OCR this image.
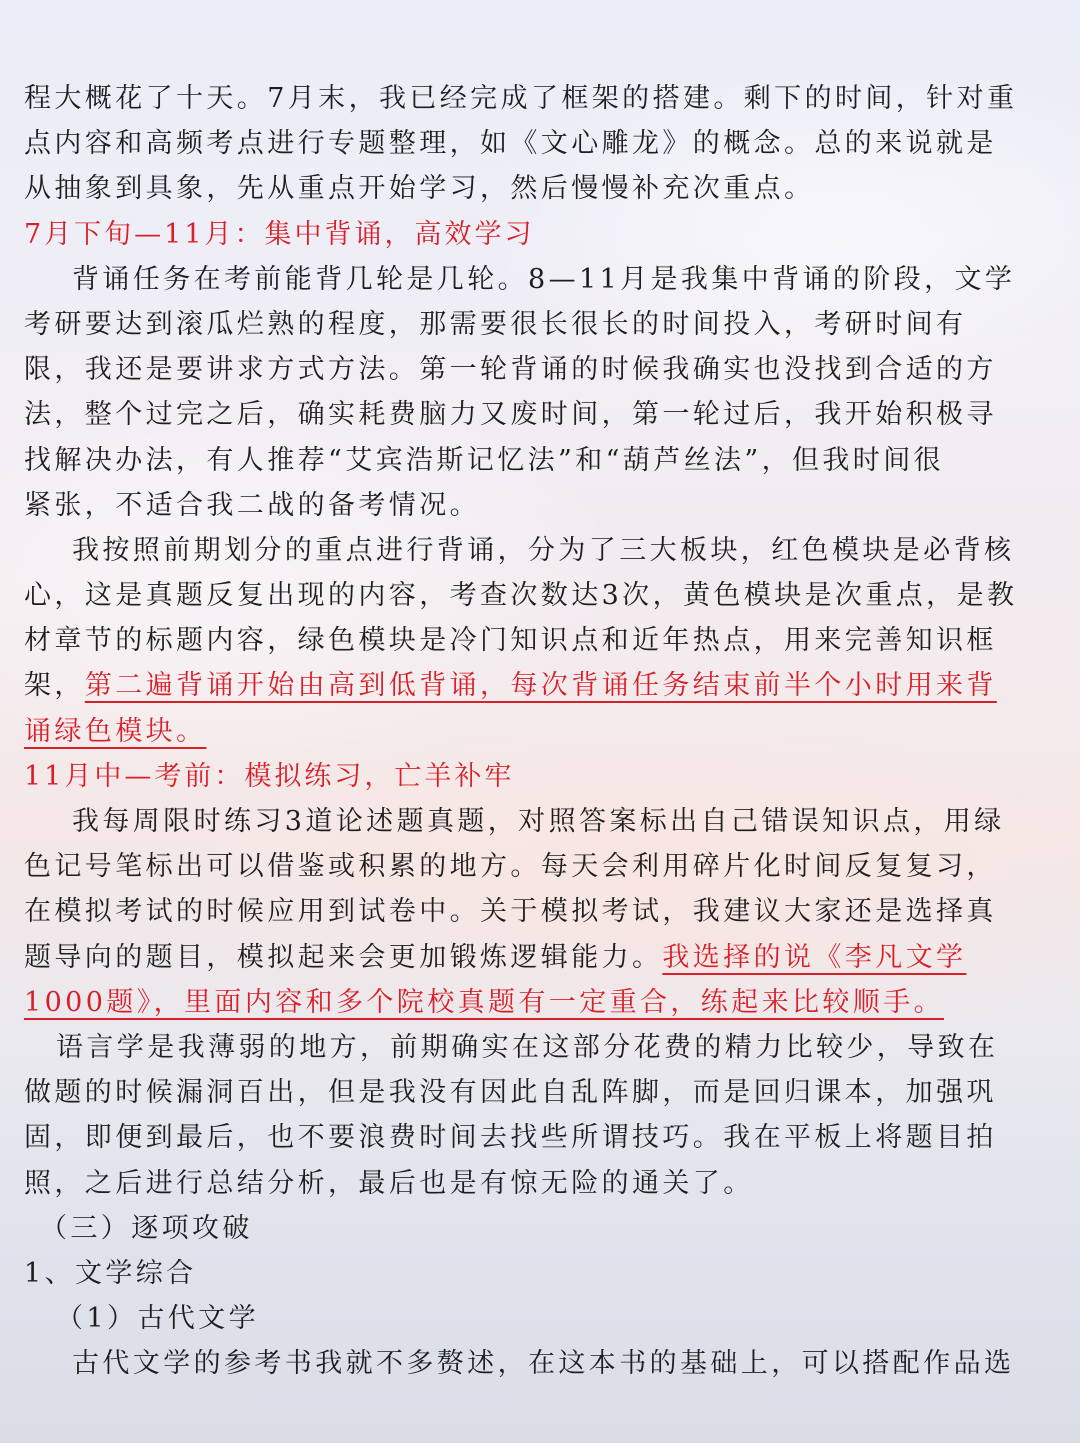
程大概花了十天。7月末，我已经完成了框架的搭建。剩下的时间，针对重
点内容和高频考点进行专题整理，如《文心雕龙》的概念。总的来说就是
从抽象到具象，先从重点开始学习，然后慢慢补充次重点。
7月下旬—11月：集中背诵，高效学习
背诵任务在考前能背几轮是几轮。8—11月是我集中背诵的阶段，文学
考研要达到滚瓜烂熟的程度，那需要很长很长的时间投入，考研时间有
限，我还是要讲求方式方法。第一轮背诵的时候我确实也没找到合适的方
法，整个过完之后，确实耗费脑力又废时间，第一轮过后，我开始积极寻
找解决办法，有人推荐“艾宾浩斯记忆法”和“葫芦丝法”，但我时间很
紧张，不适合我二战的备考情况。
我按照前期划分的重点进行背诵，分为了三大板块，红色模块是必背核
心，这是真题反复出现的内容，考查次数达3次，黄色模块是次重点，是教
材章节的标题内容，绿色模块是冷门知识点和近年热点，用来完善知识框
架，第二遍背诵开始由高到低背诵，每次背诵任务结束前半个小时用来背
诵绿色模块。
11月中—考前：模拟练习，亡羊补牢
我每周限时练习3道论述题真题，对照答案标出自己错误知识点，用绿
色记号笔标出可以借鉴或积累的地方。每天会利用碎片化时间反复复习，
在模拟考试的时候应用到试卷中。关于模拟考试，我建议大家还是选择真
题导向的题目，模拟起来会更加锻炼逻辑能力。我选择的说《李凡文学
1000题》，里面内容和多个院校真题有一定重合，练起来比较顺手。
语言学是我薄弱的地方，前期确实在这部分花费的精力比较少，导致在
做题的时候漏洞百出，但是我没有因此自乱阵脚，而是回归课本，加强巩
固，即便到最后，也不要浪费时间去找些所谓技巧。我在平板上将题目拍
照，之后进行总结分析，最后也是有惊无险的通关了。
（三）逐项攻破
1、文学综合
（1）古代文学
古代文学的参考书我就不多赘述，在这本书的基础上，可以搭配作品选
